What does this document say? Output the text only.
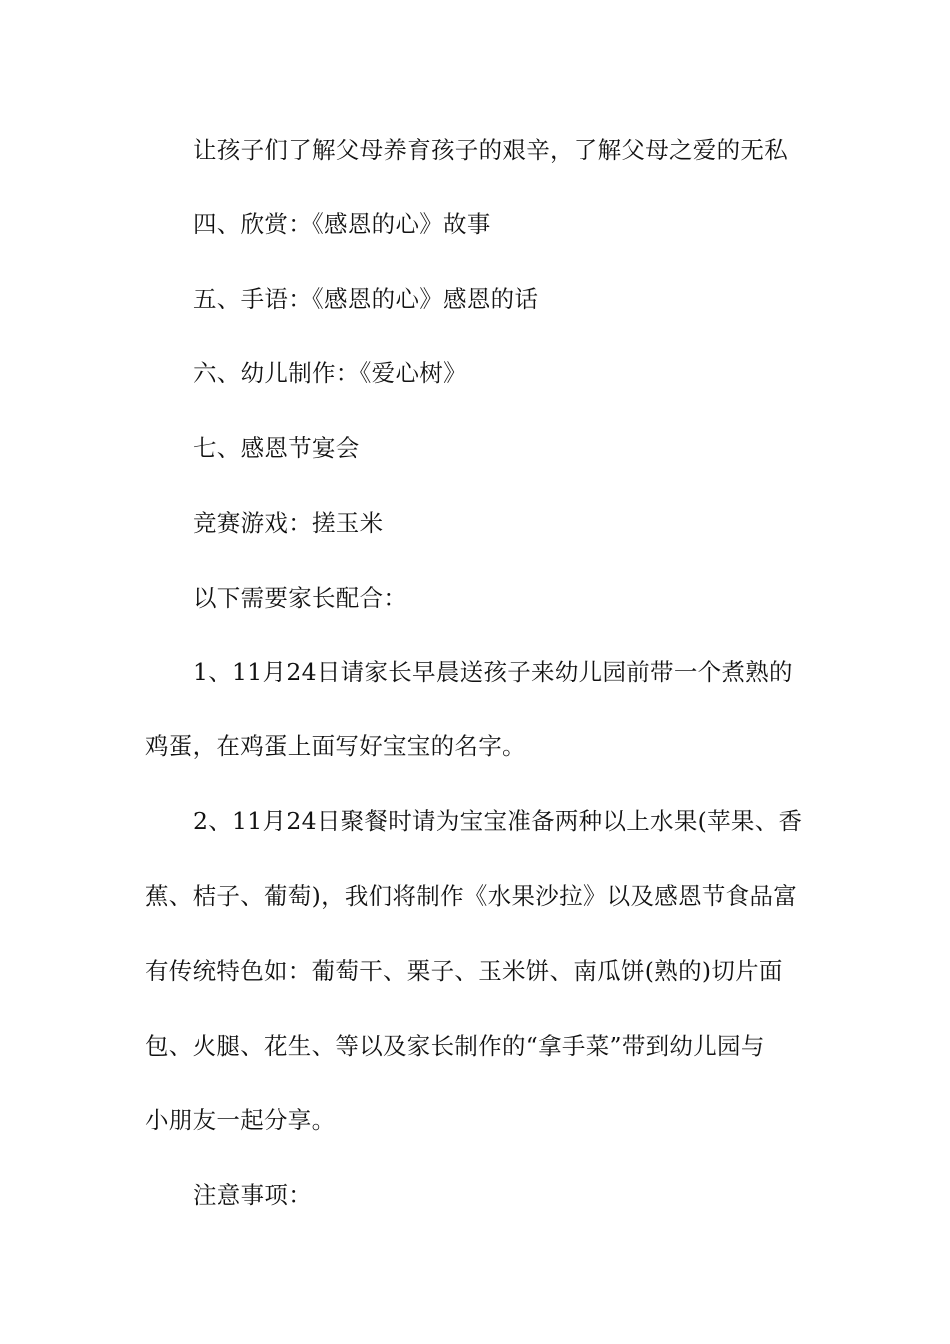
让孩子们了解父母养育孩子的艰辛，了解父母之爱的无私
四、欣赏：《感恩的心》故事
五、手语：《感恩的心》感恩的话
六、幼儿制作：《爱心树》
七、感恩节宴会
竞赛游戏：搓玉米
以下需要家长配合：
1、11月24日请家长早晨送孩子来幼儿园前带一个煮熟的
鸡蛋，在鸡蛋上面写好宝宝的名字。
2、11月24日聚餐时请为宝宝准备两种以上水果(苹果、香
蕉、桔子、葡萄)，我们将制作《水果沙拉》以及感恩节食品富
有传统特色如：葡萄干、栗子、玉米饼、南瓜饼(熟的)切片面
包、火腿、花生、等以及家长制作的“拿手菜”带到幼儿园与
小朋友一起分享。
注意事项：
